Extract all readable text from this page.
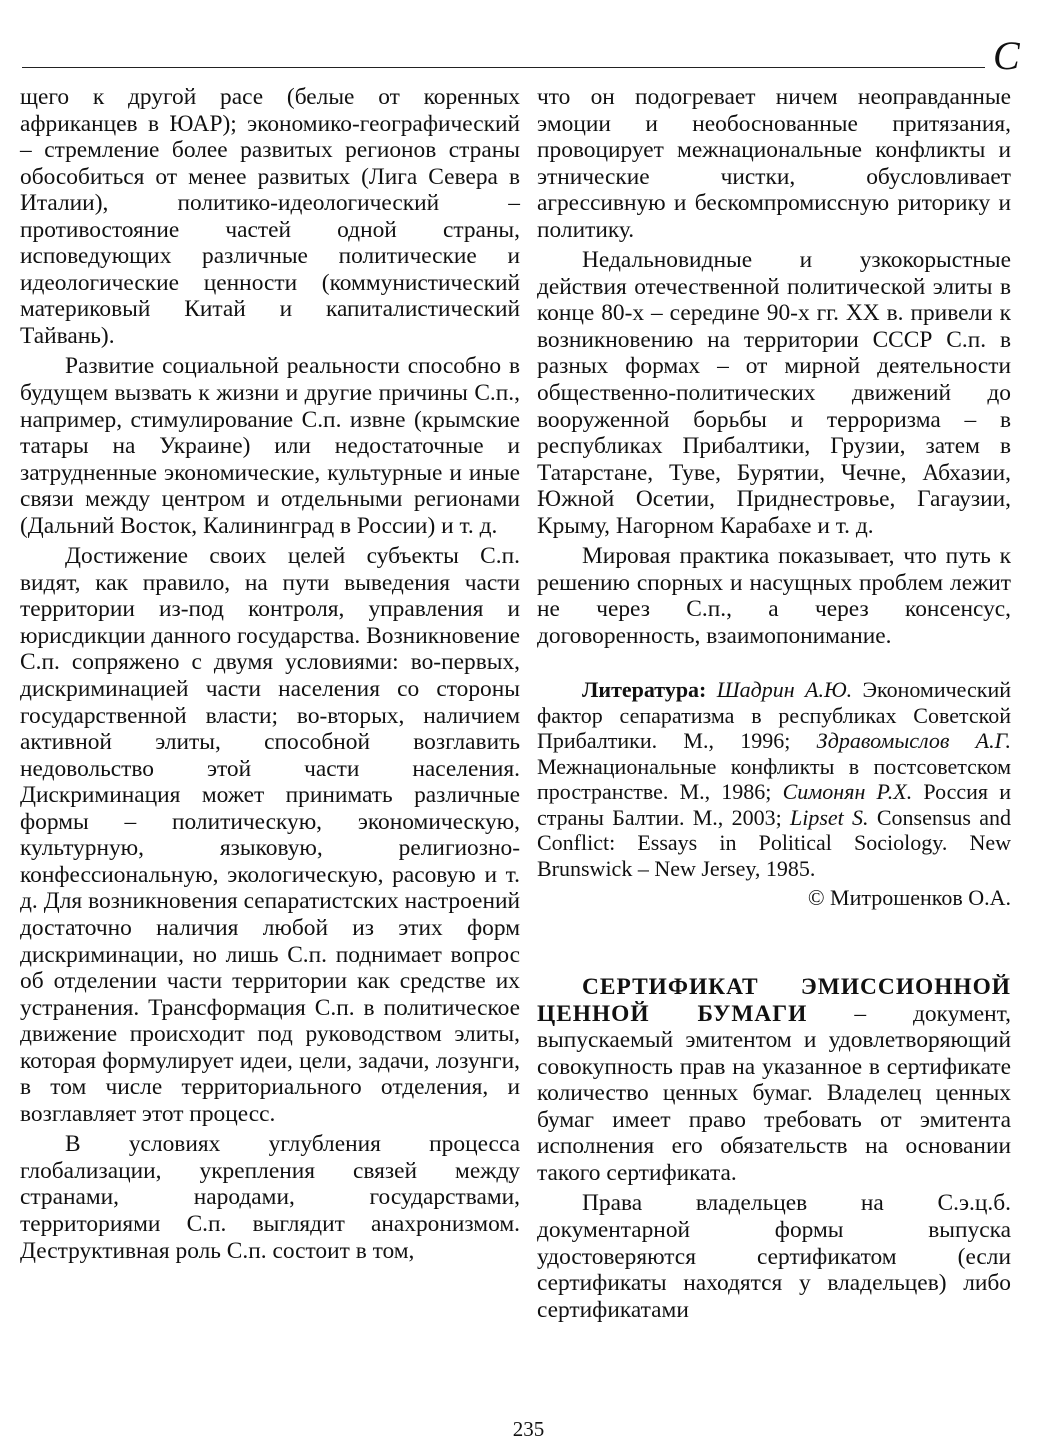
С

щего к другой расе (белые от коренных африканцев в ЮАР); экономико-географический – стремление более развитых регионов страны обособиться от менее развитых (Лига Севера в Италии), политико-идеологический – противостояние частей одной страны, исповедующих различные политические и идеологические ценности (коммунистический материковый Китай и капиталистический Тайвань).

Развитие социальной реальности способно в будущем вызвать к жизни и другие причины С.п., например, стимулирование С.п. извне (крымские татары на Украине) или недостаточные и затрудненные экономические, культурные и иные связи между центром и отдельными регионами (Дальний Восток, Калининград в России) и т. д.

Достижение своих целей субъекты С.п. видят, как правило, на пути выведения части территории из-под контроля, управления и юрисдикции данного государства. Возникновение С.п. сопряжено с двумя условиями: во-первых, дискриминацией части населения со стороны государственной власти; во-вторых, наличием активной элиты, способной возглавить недовольство этой части населения. Дискриминация может принимать различные формы – политическую, экономическую, культурную, языковую, религиозно-конфессиональную, экологическую, расовую и т. д. Для возникновения сепаратистских настроений достаточно наличия любой из этих форм дискриминации, но лишь С.п. поднимает вопрос об отделении части территории как средстве их устранения. Трансформация С.п. в политическое движение происходит под руководством элиты, которая формулирует идеи, цели, задачи, лозунги, в том числе территориального отделения, и возглавляет этот процесс.

В условиях углубления процесса глобализации, укрепления связей между странами, народами, государствами, территориями С.п. выглядит анахронизмом. Деструктивная роль С.п. состоит в том,

что он подогревает ничем неоправданные эмоции и необоснованные притязания, провоцирует межнациональные конфликты и этнические чистки, обусловливает агрессивную и бескомпромиссную риторику и политику.

Недальновидные и узкокорыстные действия отечественной политической элиты в конце 80-х – середине 90-х гг. XX в. привели к возникновению на территории СССР С.п. в разных формах – от мирной деятельности общественно-политических движений до вооруженной борьбы и терроризма – в республиках Прибалтики, Грузии, затем в Татарстане, Туве, Бурятии, Чечне, Абхазии, Южной Осетии, Приднестровье, Гагаузии, Крыму, Нагорном Карабахе и т. д.

Мировая практика показывает, что путь к решению спорных и насущных проблем лежит не через С.п., а через консенсус, договоренность, взаимопонимание.

Литература: Шадрин А.Ю. Экономический фактор сепаратизма в республиках Советской Прибалтики. М., 1996; Здравомыслов А.Г. Межнациональные конфликты в постсоветском пространстве. М., 1986; Симонян Р.Х. Россия и страны Балтии. М., 2003; Lipset S. Consensus and Conflict: Essays in Political Sociology. New Brunswick – New Jersey, 1985.

© Митрошенков О.А.

СЕРТИФИКАТ ЭМИССИОННОЙ ЦЕННОЙ БУМАГИ – документ, выпускаемый эмитентом и удовлетворяющий совокупность прав на указанное в сертификате количество ценных бумаг. Владелец ценных бумаг имеет право требовать от эмитента исполнения его обязательств на основании такого сертификата.

Права владельцев на С.э.ц.б. документарной формы выпуска удостоверяются сертификатом (если сертификаты находятся у владельцев) либо сертификатами

235
